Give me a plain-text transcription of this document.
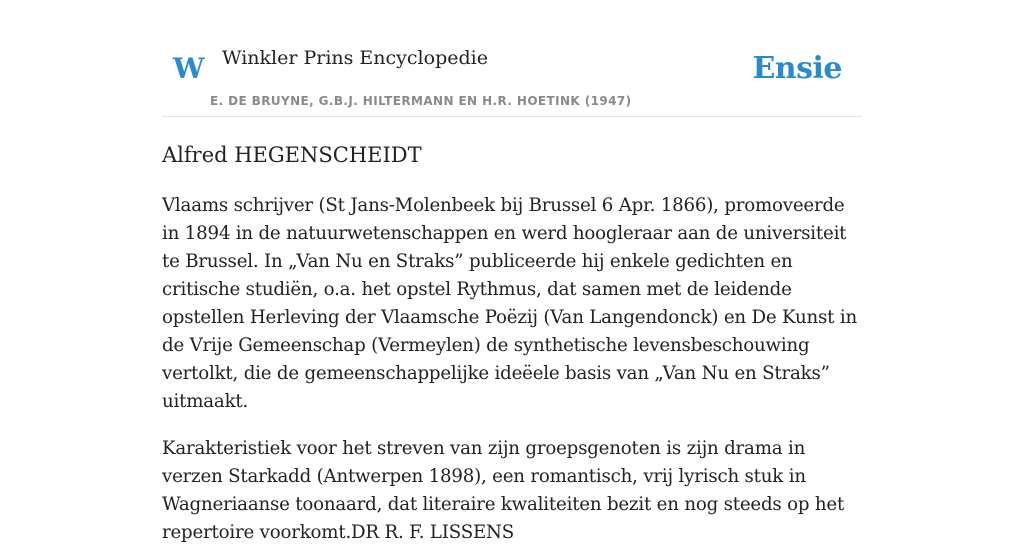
W Winkler Prins Encyclopedie
E. DE BRUYNE, G.B.J. HILTERMANN EN H.R. HOETINK (1947)
Ensie
Alfred HEGENSCHEIDT

Vlaams schrijver (St Jans-Molenbeek bij Brussel 6 Apr. 1866), promoveerde in 1894 in de natuurwetenschappen en werd hoogleraar aan de universiteit te Brussel. In „Van Nu en Straks” publiceerde hij enkele gedichten en critische studiën, o.a. het opstel Rythmus, dat samen met de leidende opstellen Herleving der Vlaamsche Poëzij (Van Langendonck) en De Kunst in de Vrije Gemeenschap (Vermeylen) de synthetische levensbeschouwing vertolkt, die de gemeenschappelijke ideëele basis van „Van Nu en Straks” uitmaakt.

Karakteristiek voor het streven van zijn groepsgenoten is zijn drama in verzen Starkadd (Antwerpen 1898), een romantisch, vrij lyrisch stuk in Wagneriaanse toonaard, dat literaire kwaliteiten bezit en nog steeds op het repertoire voorkomt.DR R. F. LISSENS
